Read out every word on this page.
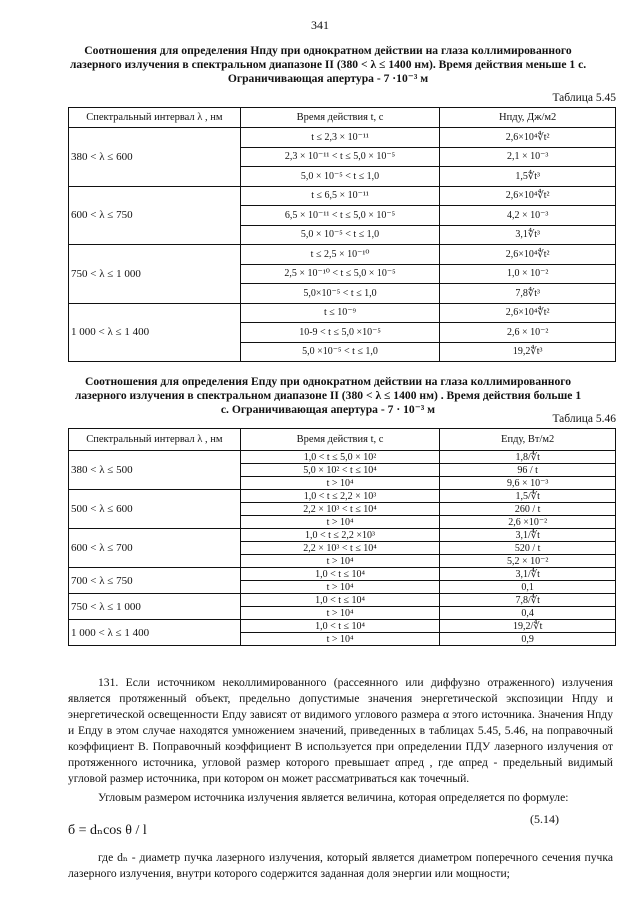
341
Соотношения для определения Нпду при однократном действии на глаза коллимированного
лазерного излучения в спектральном диапазоне II (380 < λ ≤ 1400 нм). Время действия меньше 1 с.
Ограничивающая апертура - 7 ·10⁻³ м
Таблица 5.45
Спектральный интервал λ , нм	Время действия t, с	Нпду, Дж/м2
380 < λ ≤ 600	t ≤ 2,3 × 10⁻¹¹	2,6×10⁴∜t²
	2,3 × 10⁻¹¹ < t ≤ 5,0 × 10⁻⁵	2,1 × 10⁻³
	5,0 × 10⁻⁵ < t ≤ 1,0	1,5∜t³
600 < λ ≤ 750	t ≤ 6,5 × 10⁻¹¹	2,6×10⁴∜t²
	6,5 × 10⁻¹¹ < t ≤ 5,0 × 10⁻⁵	4,2 × 10⁻³
	5,0 × 10⁻⁵ < t ≤ 1,0	3,1∜t³
750 < λ ≤ 1 000	t ≤ 2,5 × 10⁻¹⁰	2,6×10⁴∜t²
	2,5 × 10⁻¹⁰ < t ≤ 5,0 × 10⁻⁵	1,0 × 10⁻²
	5,0×10⁻⁵ < t ≤ 1,0	7,8∜t³
1 000 < λ ≤ 1 400	t ≤ 10⁻⁹	2,6×10⁴∜t²
	10-9 < t ≤ 5,0 ×10⁻⁵	2,6 × 10⁻²
	5,0 ×10⁻⁵ < t ≤ 1,0	19,2∜t³
Соотношения для определения Епду при однократном действии на глаза коллимированного
лазерного излучения в спектральном диапазоне II (380 < λ ≤ 1400 нм) . Время действия больше 1
с. Ограничивающая апертура - 7 · 10⁻³ м
Таблица 5.46
Спектральный интервал λ , нм	Время действия t, с	Епду, Вт/м2
380 < λ ≤ 500	1,0 < t ≤ 5,0 × 10²	1,8/∜t
	5,0 × 10² < t ≤ 10⁴	96 / t
	t > 10⁴	9,6 × 10⁻³
500 < λ ≤ 600	1,0 < t ≤ 2,2 × 10³	1,5/∜t
	2,2 × 10³ < t ≤ 10⁴	260 / t
	t > 10⁴	2,6 ×10⁻²
600 < λ ≤ 700	1,0 < t ≤ 2,2 ×10³	3,1/∜t
	2,2 × 10³ < t ≤ 10⁴	520 / t
	t > 10⁴	5,2 × 10⁻²
700 < λ ≤ 750	1,0 < t ≤ 10⁴	3,1/∜t
	t > 10⁴	0,1
750 < λ ≤ 1 000	1,0 < t ≤ 10⁴	7,8/∜t
	t > 10⁴	0,4
1 000 < λ ≤ 1 400	1,0 < t ≤ 10⁴	19,2/∜t
	t > 10⁴	0,9
131. Если источником неколлимированного (рассеянного или диффузно отраженного) излучения является протяженный объект, предельно допустимые значения энергетической экспозиции Нпду и энергетической освещенности Епду зависят от видимого углового размера α этого источника. Значения Нпду и Епду в этом случае находятся умножением значений, приведенных в таблицах 5.45, 5.46, на поправочный коэффициент В. Поправочный коэффициент В используется при определении ПДУ лазерного излучения от протяженного источника, угловой размер которого превышает αпред , где αпред - предельный видимый угловой размер источника, при котором он может рассматриваться как точечный.
Угловым размером источника излучения является величина, которая определяется по формуле:
б = dₙcos θ / l
(5.14)
где dₙ - диаметр пучка лазерного излучения, который является диаметром поперечного сечения пучка лазерного излучения, внутри которого содержится заданная доля энергии или мощности;
